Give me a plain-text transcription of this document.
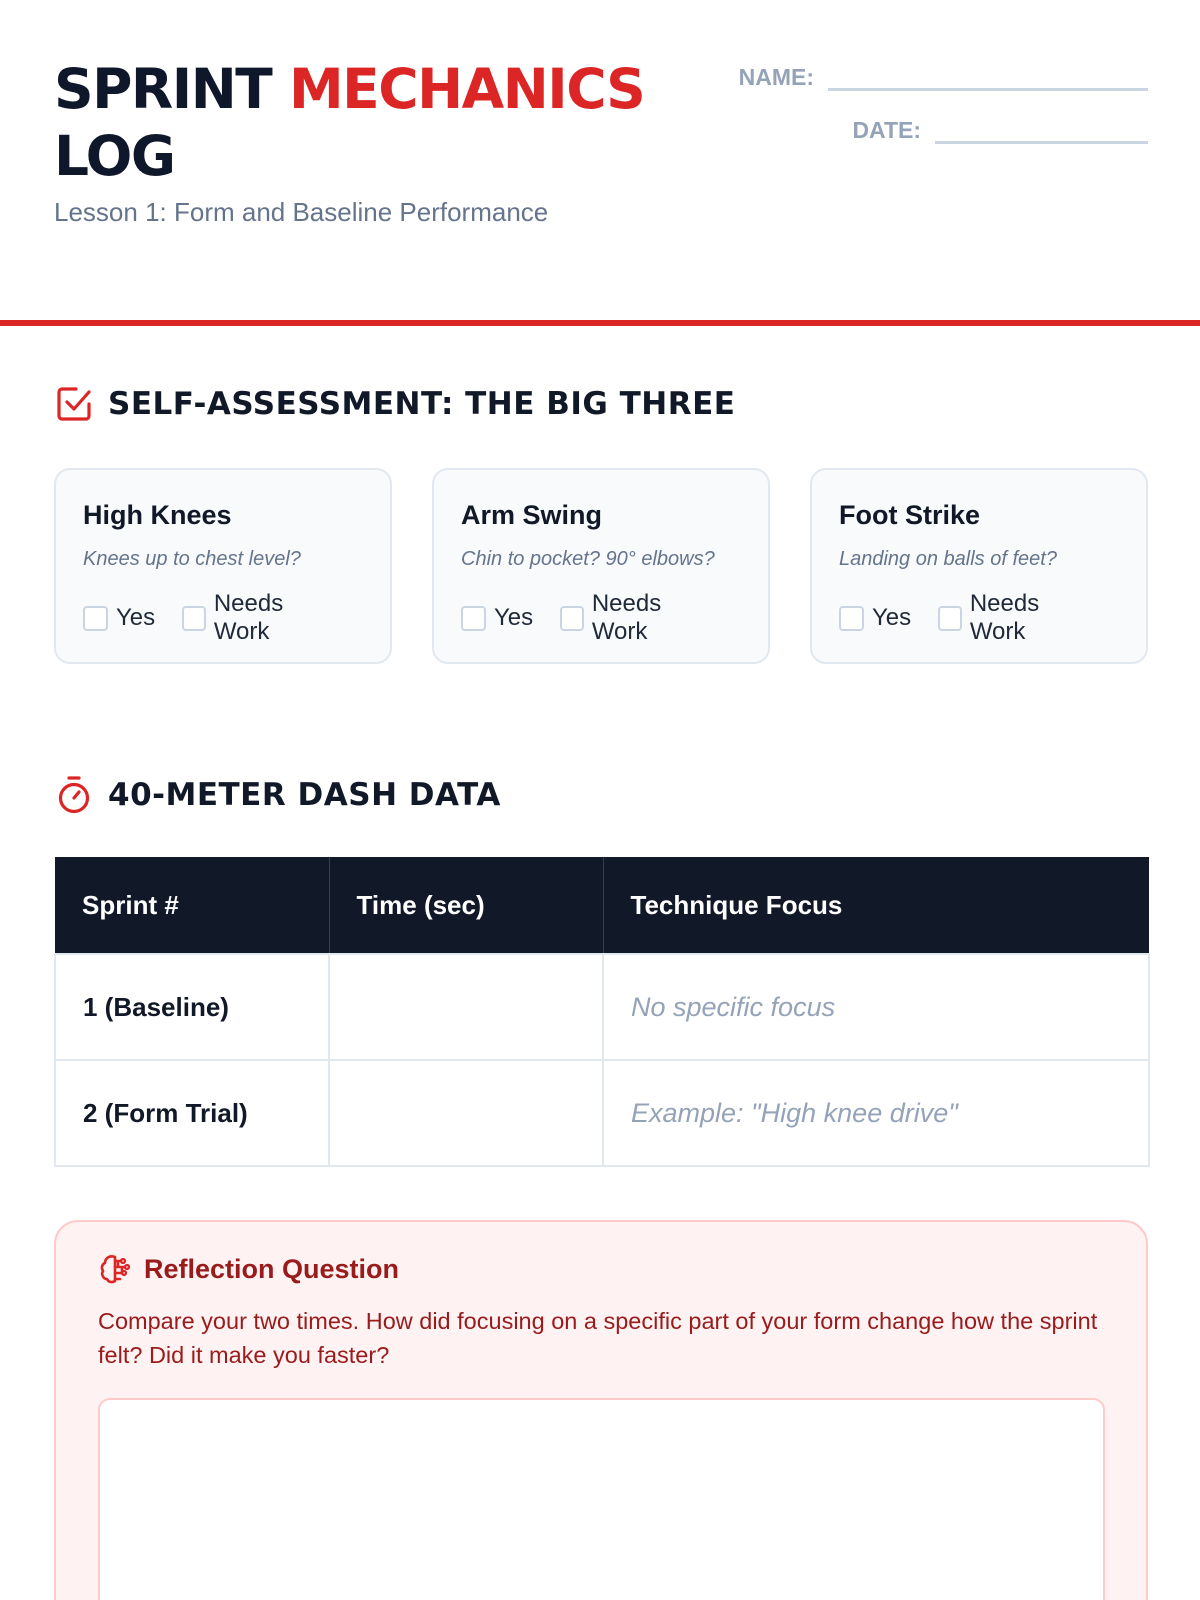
SPRINT MECHANICS
LOG
Lesson 1: Form and Baseline Performance
NAME:
DATE:
SELF-ASSESSMENT: THE BIG THREE
High Knees
Knees up to chest level?
Yes
Needs Work
Arm Swing
Chin to pocket? 90° elbows?
Yes
Needs Work
Foot Strike
Landing on balls of feet?
Yes
Needs Work
40-METER DASH DATA
Sprint #	Time (sec)	Technique Focus
1 (Baseline)		No specific focus
2 (Form Trial)		Example: "High knee drive"
Reflection Question
Compare your two times. How did focusing on a specific part of your form change how the sprint felt? Did it make you faster?
